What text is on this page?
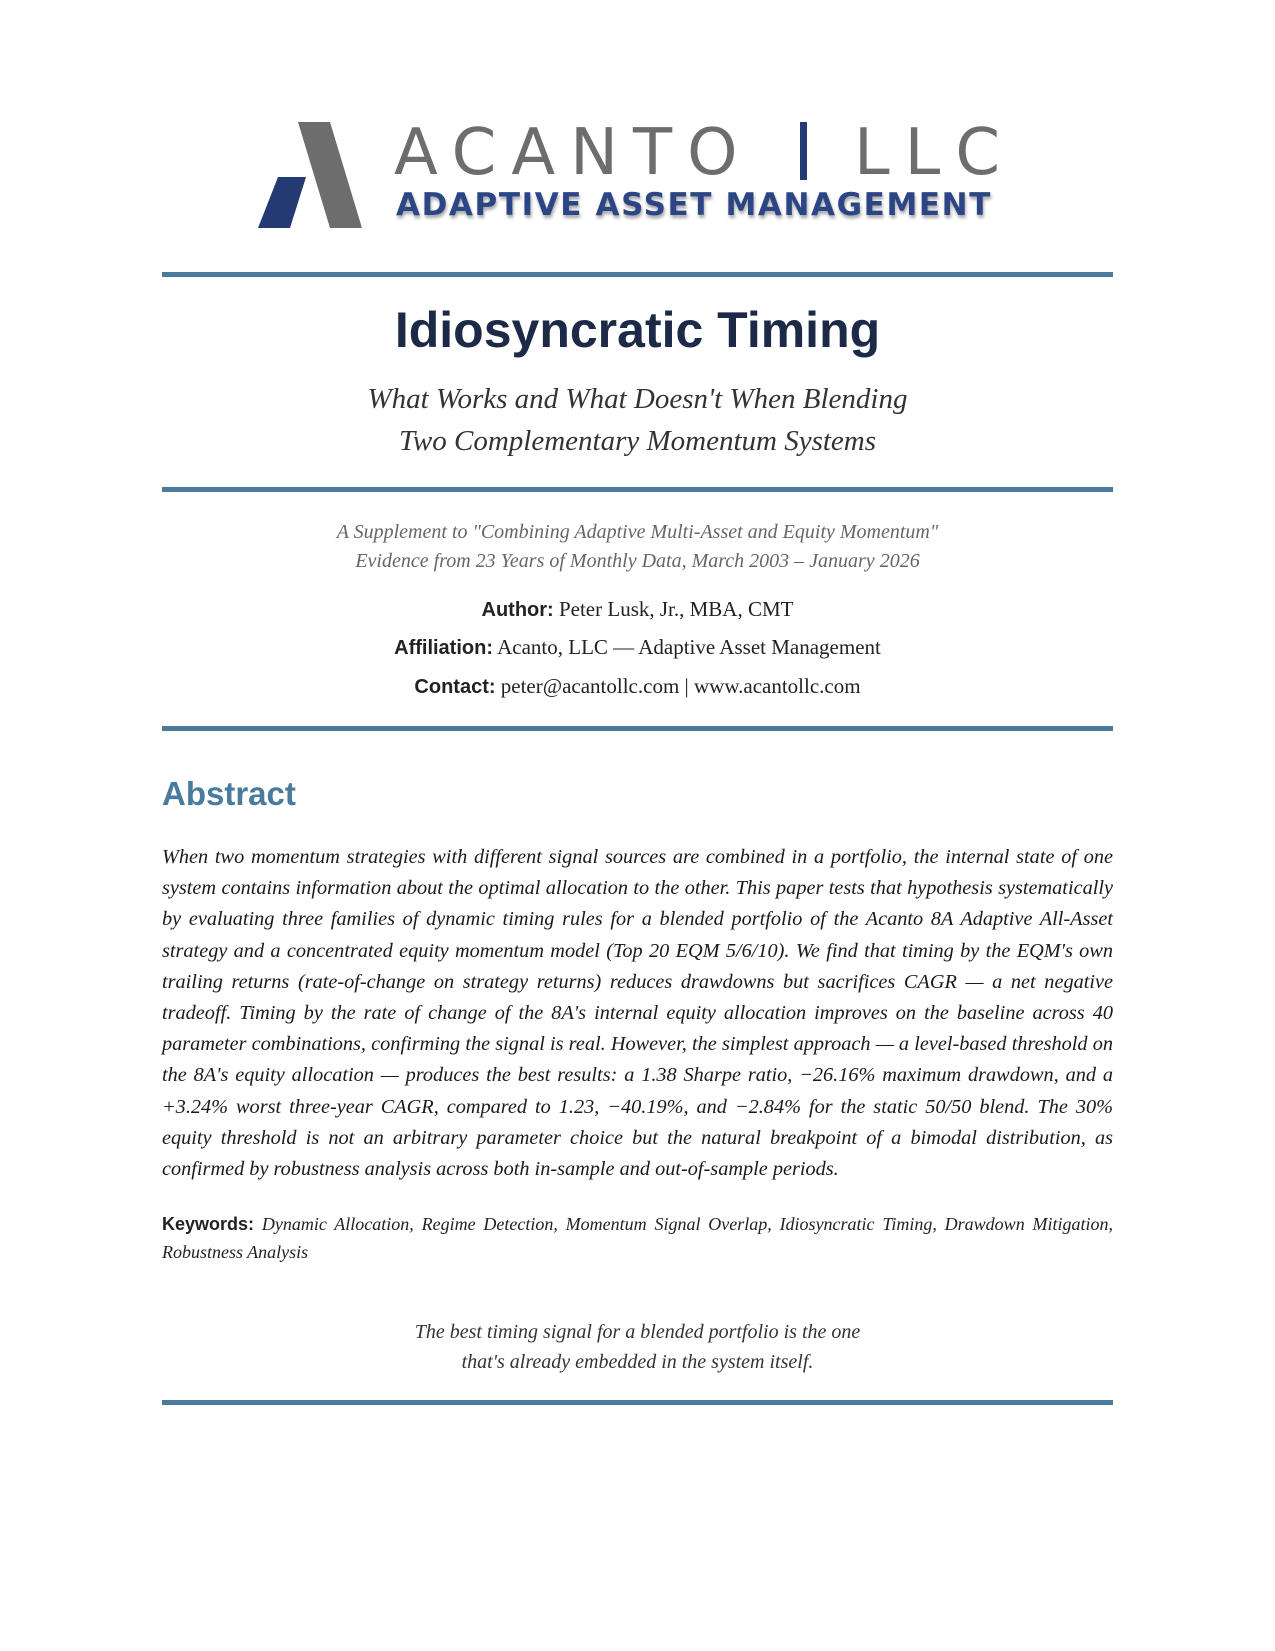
ACANTO LLC
ADAPTIVE ASSET MANAGEMENT
Idiosyncratic Timing
What Works and What Doesn't When Blending
Two Complementary Momentum Systems
A Supplement to "Combining Adaptive Multi-Asset and Equity Momentum"
Evidence from 23 Years of Monthly Data, March 2003 – January 2026
Author: Peter Lusk, Jr., MBA, CMT
Affiliation: Acanto, LLC — Adaptive Asset Management
Contact: peter@acantollc.com | www.acantollc.com
Abstract

When two momentum strategies with different signal sources are combined in a portfolio, the internal state of one system contains information about the optimal allocation to the other. This paper tests that hypothesis systematically by evaluating three families of dynamic timing rules for a blended portfolio of the Acanto 8A Adaptive All-Asset strategy and a concentrated equity momentum model (Top 20 EQM 5/6/10). We find that timing by the EQM's own trailing returns (rate-of-change on strategy returns) reduces drawdowns but sacrifices CAGR — a net negative tradeoff. Timing by the rate of change of the 8A's internal equity allocation improves on the baseline across 40 parameter combinations, confirming the signal is real. However, the simplest approach — a level-based threshold on the 8A's equity allocation — produces the best results: a 1.38 Sharpe ratio, −26.16% maximum drawdown, and a +3.24% worst three-year CAGR, compared to 1.23, −40.19%, and −2.84% for the static 50/50 blend. The 30% equity threshold is not an arbitrary parameter choice but the natural breakpoint of a bimodal distribution, as confirmed by robustness analysis across both in-sample and out-of-sample periods.

Keywords: Dynamic Allocation, Regime Detection, Momentum Signal Overlap, Idiosyncratic Timing, Drawdown Mitigation, Robustness Analysis

The best timing signal for a blended portfolio is the one
that's already embedded in the system itself.
